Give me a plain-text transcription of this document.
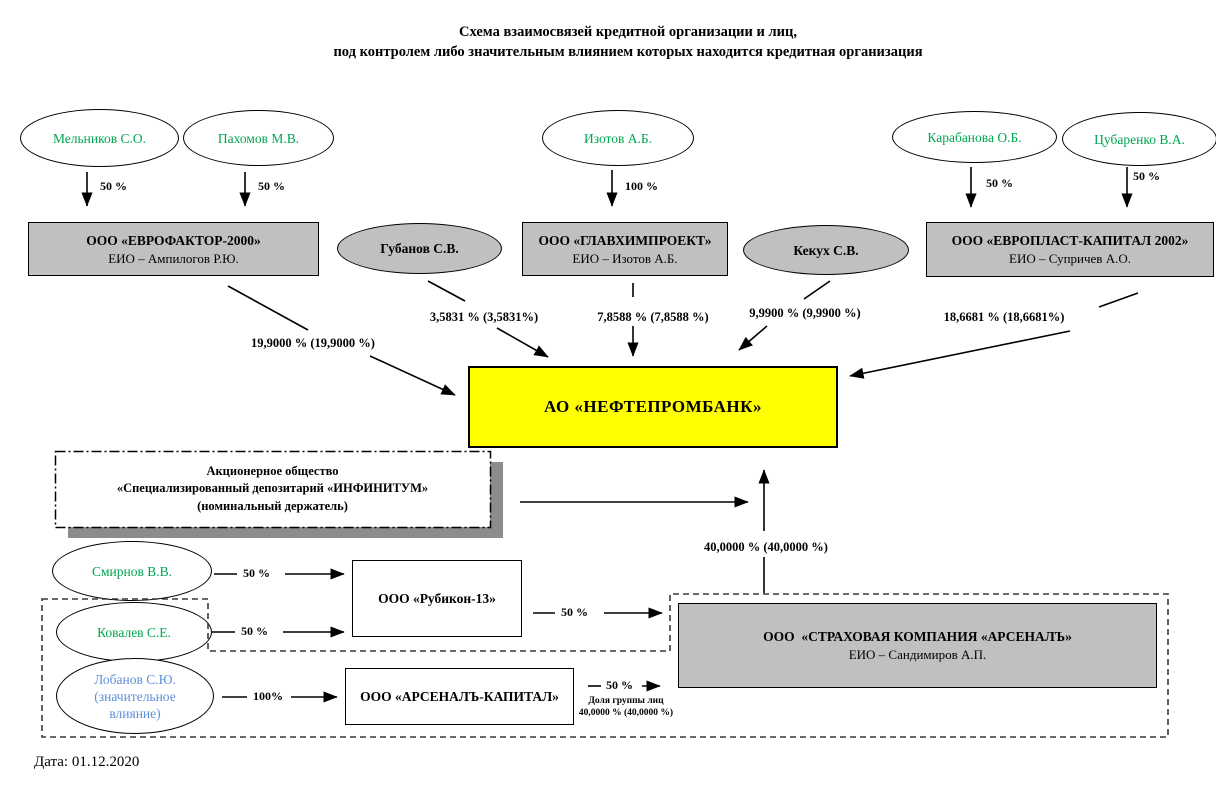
Схема взаимосвязей кредитной организации и лиц,
под контролем либо значительным влиянием которых находится кредитная организация
Мельников С.О.	Пахомов М.В.	Изотов А.Б.	Карабанова О.Б.	Цубаренко В.А.
50 %	50 %	100 %	50 %	50 %
ООО «ЕВРОФАКТОР-2000»
ЕИО – Ампилогов Р.Ю.
Губанов С.В.
ООО «ГЛАВХИМПРОЕКТ»
ЕИО – Изотов А.Б.
Кекух С.В.
ООО «ЕВРОПЛАСТ-КАПИТАЛ 2002»
ЕИО – Супричев А.О.
19,9000 % (19,9000 %)
3,5831 % (3,5831%)	7,8588 % (7,8588 %)	9,9900 % (9,9900 %)	18,6681 % (18,6681%)
АО «НЕФТЕПРОМБАНК»
Акционерное общество
«Специализированный депозитарий «ИНФИНИТУМ»
(номинальный держатель)
40,0000 % (40,0000 %)
Смирнов В.В.
Ковалев С.Е.
Лобанов С.Ю.
(значительное
влияние)
50 %
50 %
100%
50 %
50 %
Доля группы лиц
40,0000 % (40,0000 %)
ООО «Рубикон-13»
ООО «АРСЕНАЛЪ-КАПИТАЛ»
ООО  «СТРАХОВАЯ КОМПАНИЯ «АРСЕНАЛЪ»
ЕИО – Сандимиров А.П.
Дата: 01.12.2020
